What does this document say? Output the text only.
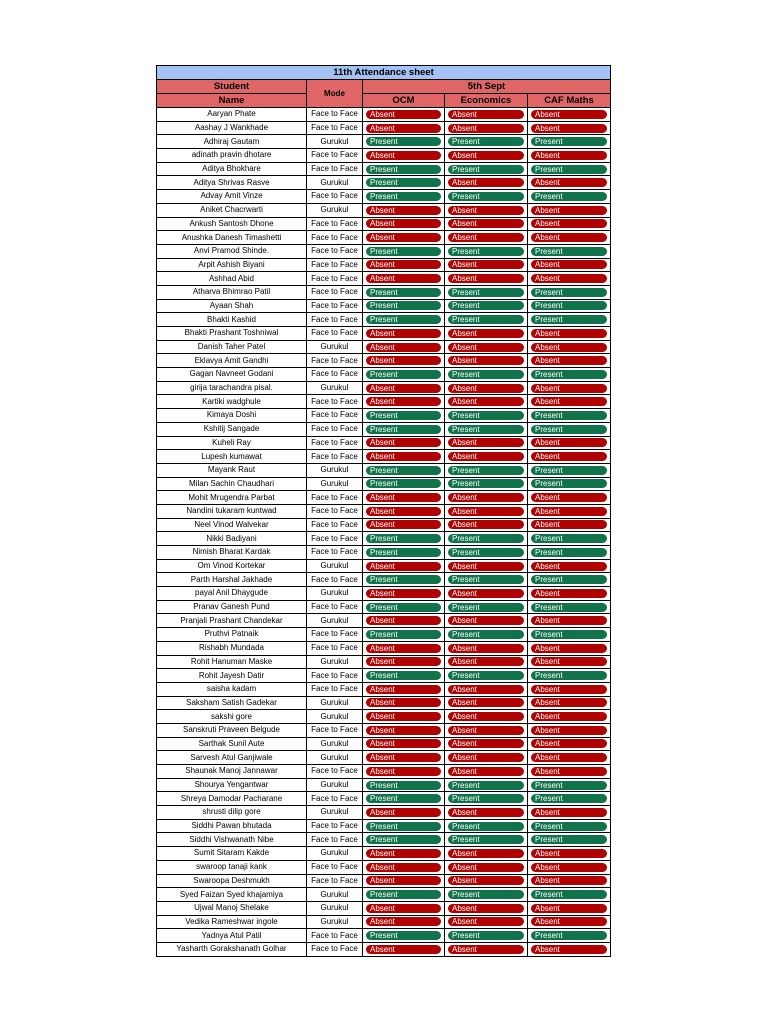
11th Attendance sheet				
Student	Mode	5th Sept		
Name		OCM	Economics	CAF Maths
Aaryan Phate	Face to Face	Absent	Absent	Absent

Aashay J Wankhade	Face to Face	Absent	Absent	Absent

Adhiraj Gautam	Gurukul	Present	Present	Present

adinath pravin dhotare	Face to Face	Absent	Absent	Absent

Aditya Bhokhare	Face to Face	Present	Present	Present

Aditya Shrivas Rasve	Gurukul	Present	Absent	Absent

Advay Amit Vinze	Face to Face	Present	Present	Present

Aniket Chacrwarti	Gurukul	Absent	Absent	Absent

Ankush Santosh Dhone	Face to Face	Absent	Absent	Absent

Anushka Danesh Timashetti	Face to Face	Absent	Absent	Absent

Anvi Pramod Shinde.	Face to Face	Present	Present	Present

Arpit Ashish Biyani	Face to Face	Absent	Absent	Absent

Ashhad Abid	Face to Face	Absent	Absent	Absent

Atharva Bhimrao Patil	Face to Face	Present	Present	Present

Ayaan Shah	Face to Face	Present	Present	Present

Bhakti Kashid	Face to Face	Present	Present	Present

Bhakti Prashant Toshniwal	Face to Face	Absent	Absent	Absent

Danish Taher Patel	Gurukul	Absent	Absent	Absent

Eklavya Amit Gandhi	Face to Face	Absent	Absent	Absent

Gagan Navneet Godani	Face to Face	Present	Present	Present

girija tarachandra pisal.	Gurukul	Absent	Absent	Absent

Kartiki wadghule	Face to Face	Absent	Absent	Absent

Kimaya Doshi	Face to Face	Present	Present	Present

Kshitij Sangade	Face to Face	Present	Present	Present

Kuheli Ray	Face to Face	Absent	Absent	Absent

Lupesh kumawat	Face to Face	Absent	Absent	Absent

Mayank Raut	Gurukul	Present	Present	Present

Milan Sachin Chaudhari	Gurukul	Present	Present	Present

Mohit Mrugendra Parbat	Face to Face	Absent	Absent	Absent

Nandini tukaram kuntwad	Face to Face	Absent	Absent	Absent

Neel Vinod Walvekar	Face to Face	Absent	Absent	Absent

Nikki Badiyani	Face to Face	Present	Present	Present

Nimish Bharat Kardak	Face to Face	Present	Present	Present

Om Vinod Kortekar	Gurukul	Absent	Absent	Absent

Parth Harshal Jakhade	Face to Face	Present	Present	Present

payal Anil Dhaygude	Gurukul	Absent	Absent	Absent

Pranav Ganesh Pund	Face to Face	Present	Present	Present

Pranjali Prashant Chandekar	Gurukul	Absent	Absent	Absent

Pruthvi Patnaik	Face to Face	Present	Present	Present

Rishabh Mundada	Face to Face	Absent	Absent	Absent

Rohit Hanuman Maske	Gurukul	Absent	Absent	Absent

Rohit Jayesh Datir	Face to Face	Present	Present	Present

saisha kadam	Face to Face	Absent	Absent	Absent

Saksham Satish Gadekar	Gurukul	Absent	Absent	Absent

sakshi gore	Gurukul	Absent	Absent	Absent

Sanskruti Praveen Belgude	Face to Face	Absent	Absent	Absent

Sarthak Sunil Aute	Gurukul	Absent	Absent	Absent

Sarvesh Atul Ganjiwale	Gurukul	Absent	Absent	Absent

Shaunak Manoj Jannawar	Face to Face	Absent	Absent	Absent

Shourya Yengantwar	Gurukul	Present	Present	Present

Shreya Damodar Pacharane	Face to Face	Present	Present	Present

shrusti dilip gore	Gurukul	Absent	Absent	Absent

Siddhi Pawan bhutada	Face to Face	Present	Present	Present

Siddhi Vishwanath Nibe	Face to Face	Present	Present	Present

Sumit Sitaram Kakde	Gurukul	Absent	Absent	Absent

swaroop tanaji kank	Face to Face	Absent	Absent	Absent

Swaroopa Deshmukh	Face to Face	Absent	Absent	Absent

Syed Faizan Syed khajamiya	Gurukul	Present	Present	Present

Ujwal Manoj Shelake	Gurukul	Absent	Absent	Absent

Vedika Rameshwar ingole	Gurukul	Absent	Absent	Absent

Yadnya Atul Patil	Face to Face	Present	Present	Present

Yasharth Gorakshanath Golhar	Face to Face	Absent	Absent	Absent
